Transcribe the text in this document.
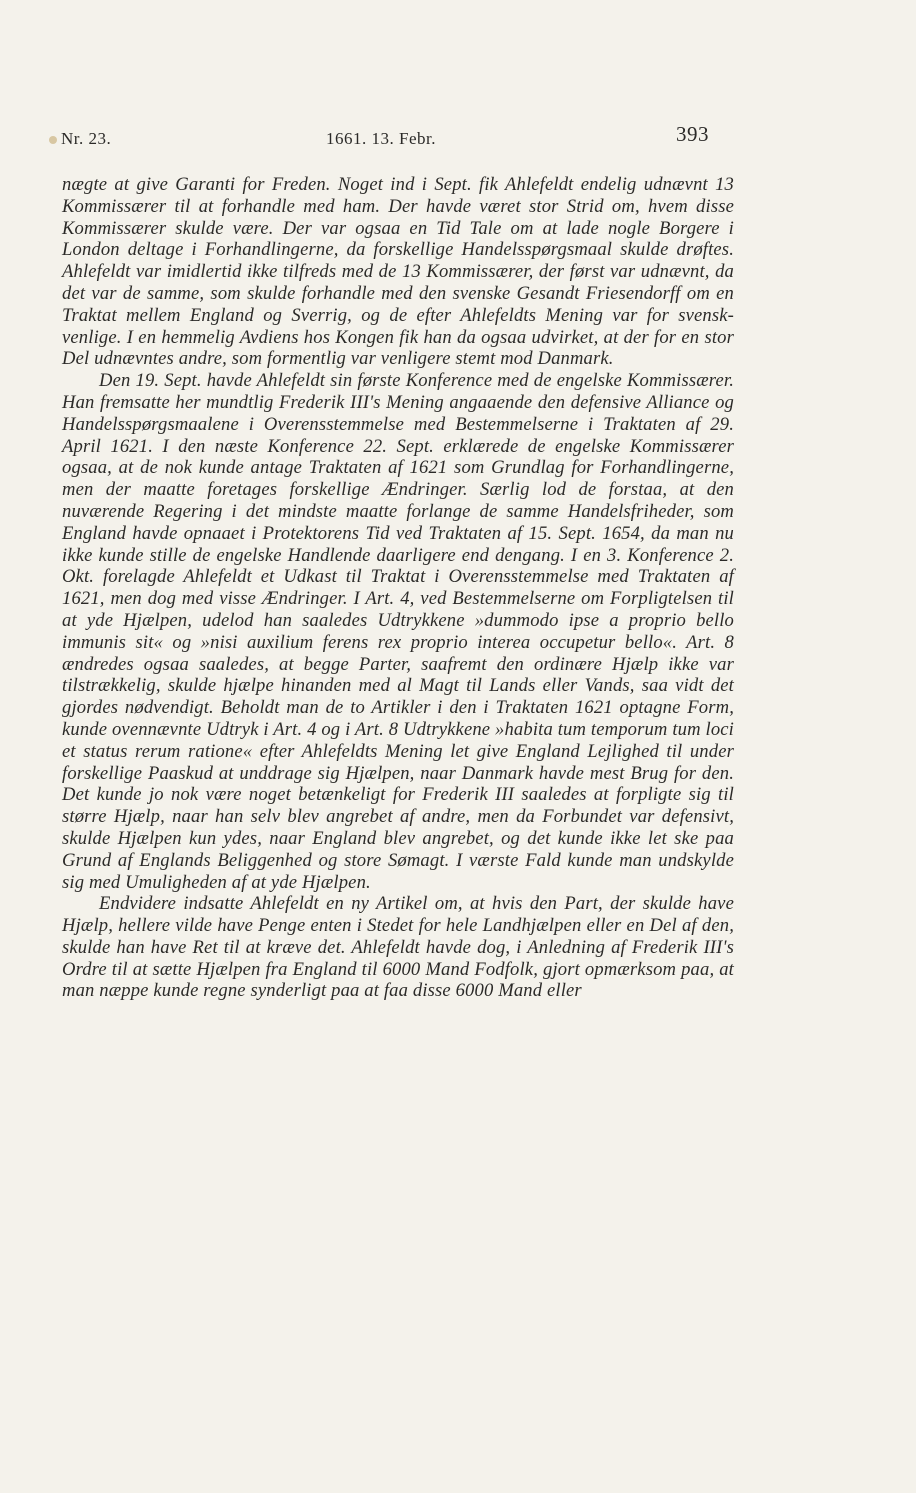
Nr. 23.	1661. 13. Febr.	393

nægte at give Garanti for Freden. Noget ind i Sept. fik Ahlefeldt endelig udnævnt 13 Kommissærer til at forhandle med ham. Der havde været stor Strid om, hvem disse Kommissærer skulde være. Der var ogsaa en Tid Tale om at lade nogle Borgere i London deltage i Forhandlingerne, da forskellige Handelsspørgsmaal skulde drøftes. Ahlefeldt var imidlertid ikke tilfreds med de 13 Kommissærer, der først var udnævnt, da det var de samme, som skulde forhandle med den svenske Gesandt Friesendorff om en Traktat mellem England og Sverrig, og de efter Ahlefeldts Mening var for svensk-venlige. I en hemmelig Avdiens hos Kongen fik han da ogsaa udvirket, at der for en stor Del udnævntes andre, som formentlig var venligere stemt mod Danmark.

Den 19. Sept. havde Ahlefeldt sin første Konference med de engelske Kommissærer. Han fremsatte her mundtlig Frederik III's Mening angaaende den defensive Alliance og Handelsspørgsmaalene i Overensstemmelse med Bestemmelserne i Traktaten af 29. April 1621. I den næste Konference 22. Sept. erklærede de engelske Kommissærer ogsaa, at de nok kunde antage Traktaten af 1621 som Grundlag for Forhandlingerne, men der maatte foretages forskellige Ændringer. Særlig lod de forstaa, at den nuværende Regering i det mindste maatte forlange de samme Handelsfriheder, som England havde opnaaet i Protektorens Tid ved Traktaten af 15. Sept. 1654, da man nu ikke kunde stille de engelske Handlende daarligere end dengang. I en 3. Konference 2. Okt. forelagde Ahlefeldt et Udkast til Traktat i Overensstemmelse med Traktaten af 1621, men dog med visse Ændringer. I Art. 4, ved Bestemmelserne om Forpligtelsen til at yde Hjælpen, udelod han saaledes Udtrykkene »dummodo ipse a proprio bello immunis sit« og »nisi auxilium ferens rex proprio interea occupetur bello«. Art. 8 ændredes ogsaa saaledes, at begge Parter, saafremt den ordinære Hjælp ikke var tilstrækkelig, skulde hjælpe hinanden med al Magt til Lands eller Vands, saa vidt det gjordes nødvendigt. Beholdt man de to Artikler i den i Traktaten 1621 optagne Form, kunde ovennævnte Udtryk i Art. 4 og i Art. 8 Udtrykkene »habita tum temporum tum loci et status rerum ratione« efter Ahlefeldts Mening let give England Lejlighed til under forskellige Paaskud at unddrage sig Hjælpen, naar Danmark havde mest Brug for den. Det kunde jo nok være noget betænkeligt for Frederik III saaledes at forpligte sig til større Hjælp, naar han selv blev angrebet af andre, men da Forbundet var defensivt, skulde Hjælpen kun ydes, naar England blev angrebet, og det kunde ikke let ske paa Grund af Englands Beliggenhed og store Sømagt. I værste Fald kunde man undskylde sig med Umuligheden af at yde Hjælpen.

Endvidere indsatte Ahlefeldt en ny Artikel om, at hvis den Part, der skulde have Hjælp, hellere vilde have Penge enten i Stedet for hele Landhjælpen eller en Del af den, skulde han have Ret til at kræve det. Ahlefeldt havde dog, i Anledning af Frederik III's Ordre til at sætte Hjælpen fra England til 6000 Mand Fodfolk, gjort opmærksom paa, at man næppe kunde regne synderligt paa at faa disse 6000 Mand eller
